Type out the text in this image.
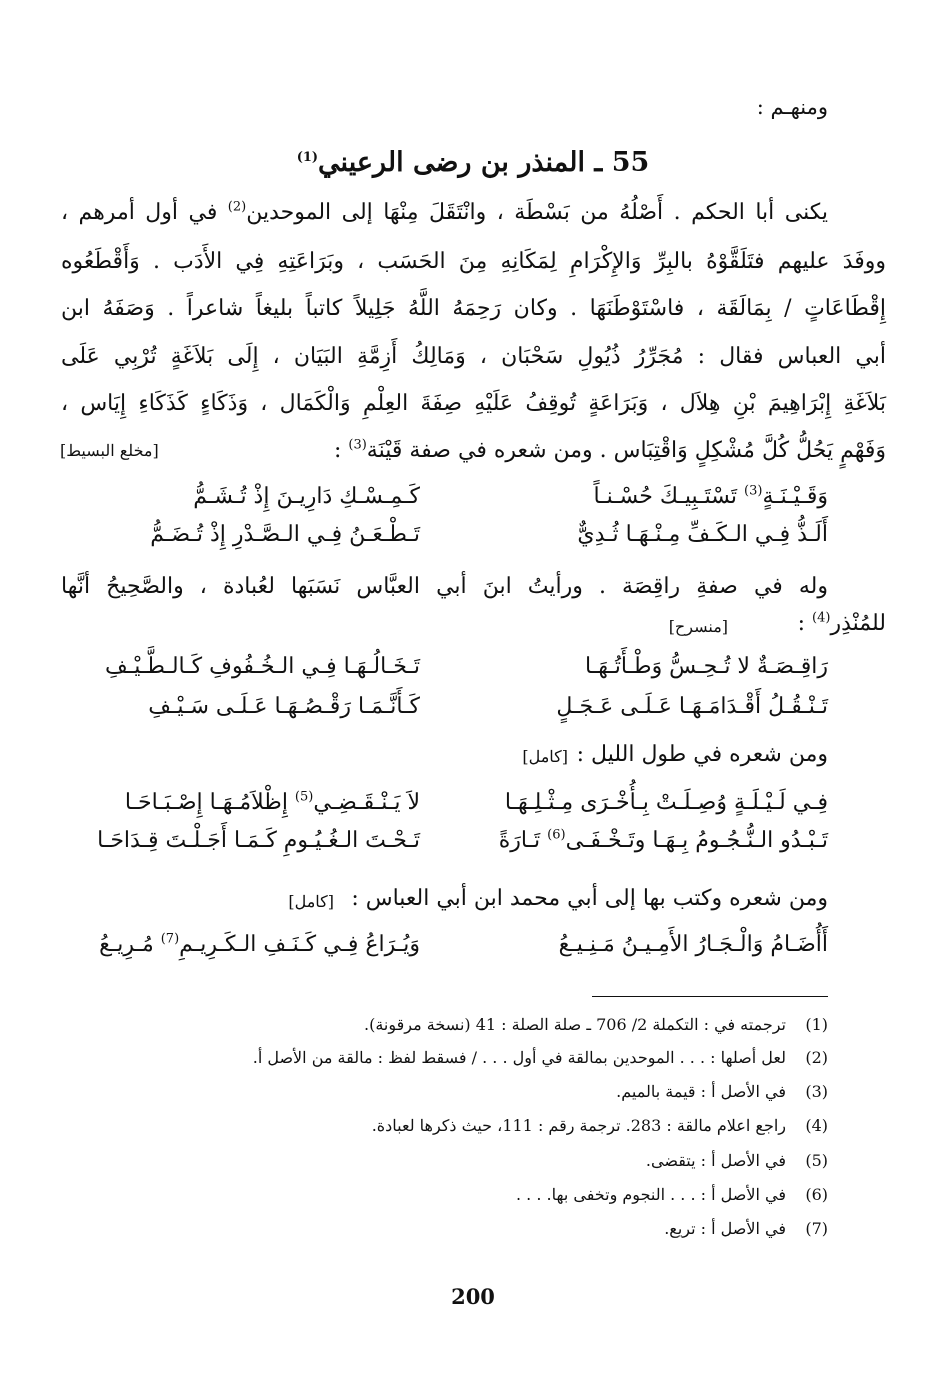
ومنهـم :
55 ـ المنذر بن رضى الرعيني$^{(1)}$
يكنى أبا الحكم . أَصْلُهُ من بَسْطَة ، وانْتَقَلَ مِنْهَا إلى الموحدين$^{(2)}$ في أول أمرهم ،
ووفَدَ عليهم فتَلَقَّوْهُ بالبِرِّ وَالإِكْرَامِ لِمَكَانِهِ مِنَ الحَسَب ، وبَرَاعَتِهِ فِي الأَدَب . وَأَقْطَعُوه
إِقْطَاعَاتٍ / بِمَالَقَة ، فاسْتَوْطَنَهَا . وكان رَحِمَهُ اللَّهُ جَلِيلاً كاتباً بليغاً شاعراً . وَصَفَهُ ابن
أبي العباس فقال : مُجَرِّرُ ذُيُولِ سَحْبَان ، وَمَالِكُ أَزِمَّةِ البَيَان ، إِلَى بَلاَغَةٍ تُرْبِي عَلَى
بَلاَغَةِ إِبْرَاهِيمَ بْنِ هِلاَل ، وَبَرَاعَةٍ تُوقِفُ عَلَيْهِ صِفَةَ العِلْمِ وَالْكَمَال ، وَذَكَاءٍ كَذَكَاءِ إِيَاس ،
وَفَهْمٍ يَحُلُّ كُلَّ مُشْكِلٍ وَاقْتِبَاس . ومن شعره في صفة قَيْنَة$^{(3)}$ :
[مخلع البسيط]
وَقَـيْـنَـةٍ$^{(3)}$ تَسْتَـبِيـكَ حُسْـنـاً
كَـمِـسْـكِ دَارِيـنَ إِذْ تُـشَـمُّ
أَلَـذُّ فِـي الـكَـفِّ مِـنْـهَـا ثُـدِيٌّ
تَـطْـعَـنُ فِـي الـصَّـدْرِ إِذْ تُـضَـمُّ
وله في صفةِ راقِصَة . ورأيتُ ابنَ أبي العبَّاس نَسَبَها لعُبادة ، والصَّحِيحُ أنَّها
للمُنْذِر$^{(4)}$ :
[منسرح]
رَاقِـصَـةٌ لا تُـحِـسُّ وَطْـأَتُـهَـا
تَـخَـالُـهَـا فِـي الـخُـفُوفِ كَـالـطَّـيْـفِ
تَـنْـقُـلُ أَقْـدَامَـهَـا عَـلَـى عَـجَـلٍ
كَـأَنَّـمَـا رَقْـصُـهَـا عَـلَـى سَـيْـفِ
ومن شعره في طول الليل :
[كامل]
فِـي لَـيْـلَـةٍ وُصِـلَـتْ بِـأُخْـرَى مِـثْـلِـهَـا
لاَ يَـنْـقَـضِـي$^{(5)}$ إِظْلاَمُـهَـا إِصْـبَـاحَـا
تَـبْـدُو الـنُّـجُـومُ بِـهَـا وتَـخْـفَـى$^{(6)}$ تَـارَةً
تَـحْـتَ الـغُـيُـومِ كَـمَـا أَجَـلْـتَ قِـدَاحَـا
ومن شعره وكتب بها إلى أبي محمد ابن أبي العباس :
[كامل]
أَأُضَـامُ وَالْـجَـارُ الأَمِـيـنُ مَـنِـيـعُ
وَيُـرَاعُ فِـي كَـنَـفِ الـكَـرِيـمِ$^{(7)}$ مُـرِيـعُ
(1)ترجمته في : التكملة 2/ 706 ـ صلة الصلة : 41 (نسخة مرقونة).
(2)لعل أصلها : . . . الموحدين بمالقة في أول . . . / فسقط لفظ : مالقة من الأصل أ.
(3)في الأصل أ : قيمة بالميم.
(4)راجع اعلام مالقة : 283. ترجمة رقم : 111، حيث ذكرها لعبادة.
(5)في الأصل أ : يتقضى.
(6)في الأصل أ : . . . النجوم وتخفى بها. . . .
(7)في الأصل أ : تريع.
200
